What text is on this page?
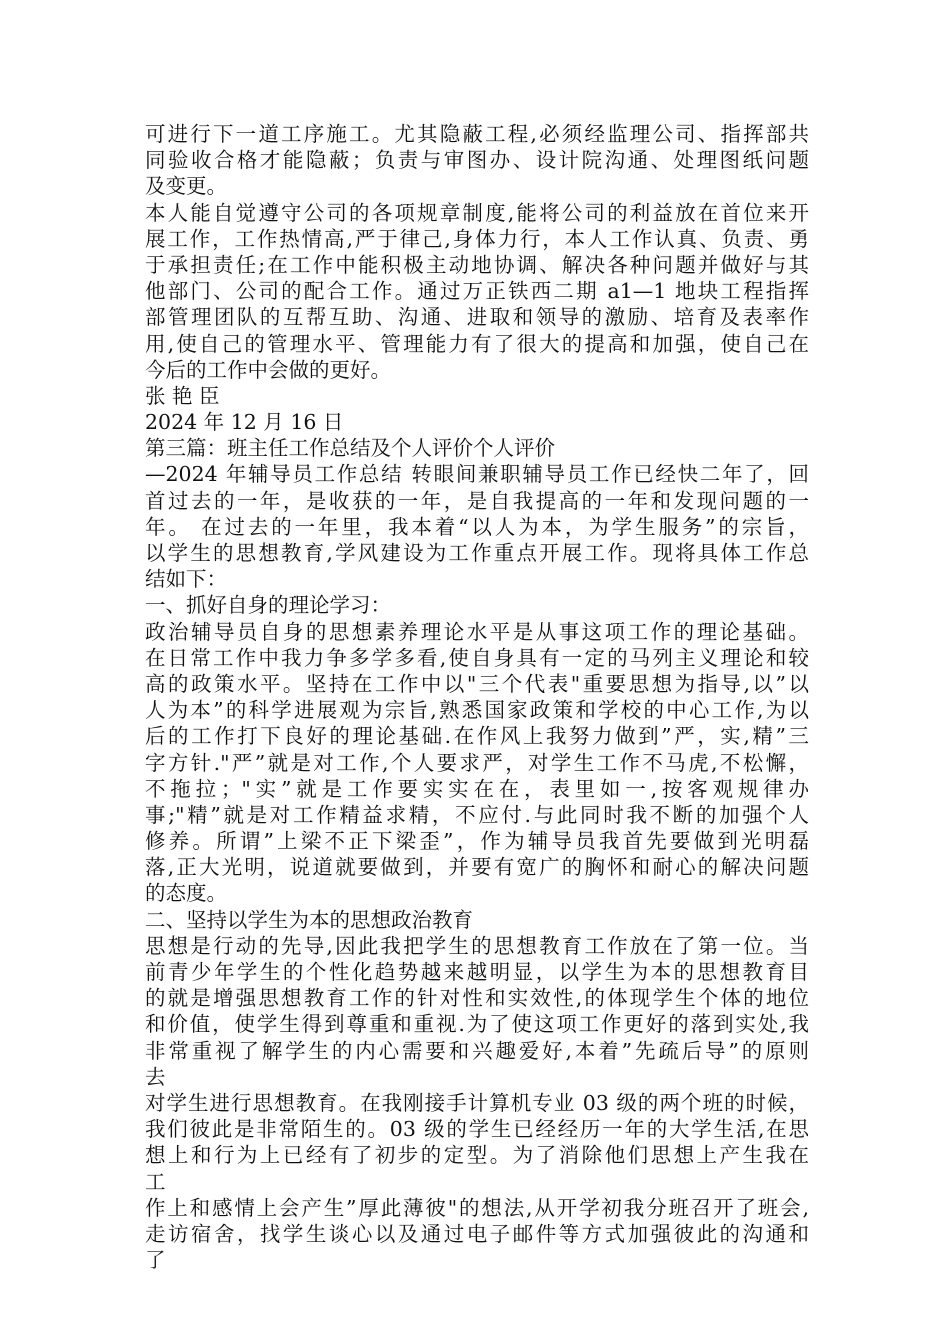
可进行下一道工序施工。尤其隐蔽工程,必须经监理公司、指挥部共
同验收合格才能隐蔽；负责与审图办、设计院沟通、处理图纸问题
及变更。
本人能自觉遵守公司的各项规章制度,能将公司的利益放在首位来开
展工作，工作热情高,严于律己,身体力行，本人工作认真、负责、勇
于承担责任;在工作中能积极主动地协调、解决各种问题并做好与其
他部门、公司的配合工作。通过万正铁西二期 a1—1 地块工程指挥
部管理团队的互帮互助、沟通、进取和领导的激励、培育及表率作
用,使自己的管理水平、管理能力有了很大的提高和加强，使自己在
今后的工作中会做的更好。
张 艳 臣
2024 年 12 月 16 日
第三篇：班主任工作总结及个人评价个人评价
—2024 年辅导员工作总结 转眼间兼职辅导员工作已经快二年了，回
首过去的一年，是收获的一年，是自我提高的一年和发现问题的一
年。 在过去的一年里，我本着“以人为本，为学生服务”的宗旨，
以学生的思想教育,学风建设为工作重点开展工作。现将具体工作总
结如下：
一、抓好自身的理论学习：
政治辅导员自身的思想素养理论水平是从事这项工作的理论基础。
在日常工作中我力争多学多看,使自身具有一定的马列主义理论和较
高的政策水平。坚持在工作中以"三个代表"重要思想为指导,以”以
人为本”的科学进展观为宗旨,熟悉国家政策和学校的中心工作,为以
后的工作打下良好的理论基础.在作风上我努力做到”严，实,精”三
字方针."严”就是对工作,个人要求严，对学生工作不马虎,不松懈，
不拖拉；"实”就是工作要实实在在，表里如一,按客观规律办
事;"精”就是对工作精益求精，不应付.与此同时我不断的加强个人
修养。所谓”上梁不正下梁歪”，作为辅导员我首先要做到光明磊
落,正大光明，说道就要做到，并要有宽广的胸怀和耐心的解决问题
的态度。
二、坚持以学生为本的思想政治教育
思想是行动的先导,因此我把学生的思想教育工作放在了第一位。当
前青少年学生的个性化趋势越来越明显，以学生为本的思想教育目
的就是增强思想教育工作的针对性和实效性,的体现学生个体的地位
和价值，使学生得到尊重和重视.为了使这项工作更好的落到实处,我
非常重视了解学生的内心需要和兴趣爱好,本着”先疏后导”的原则
去
对学生进行思想教育。在我刚接手计算机专业 03 级的两个班的时候，
我们彼此是非常陌生的。03 级的学生已经经历一年的大学生活,在思
想上和行为上已经有了初步的定型。为了消除他们思想上产生我在
工
作上和感情上会产生”厚此薄彼"的想法,从开学初我分班召开了班会,
走访宿舍，找学生谈心以及通过电子邮件等方式加强彼此的沟通和
了
